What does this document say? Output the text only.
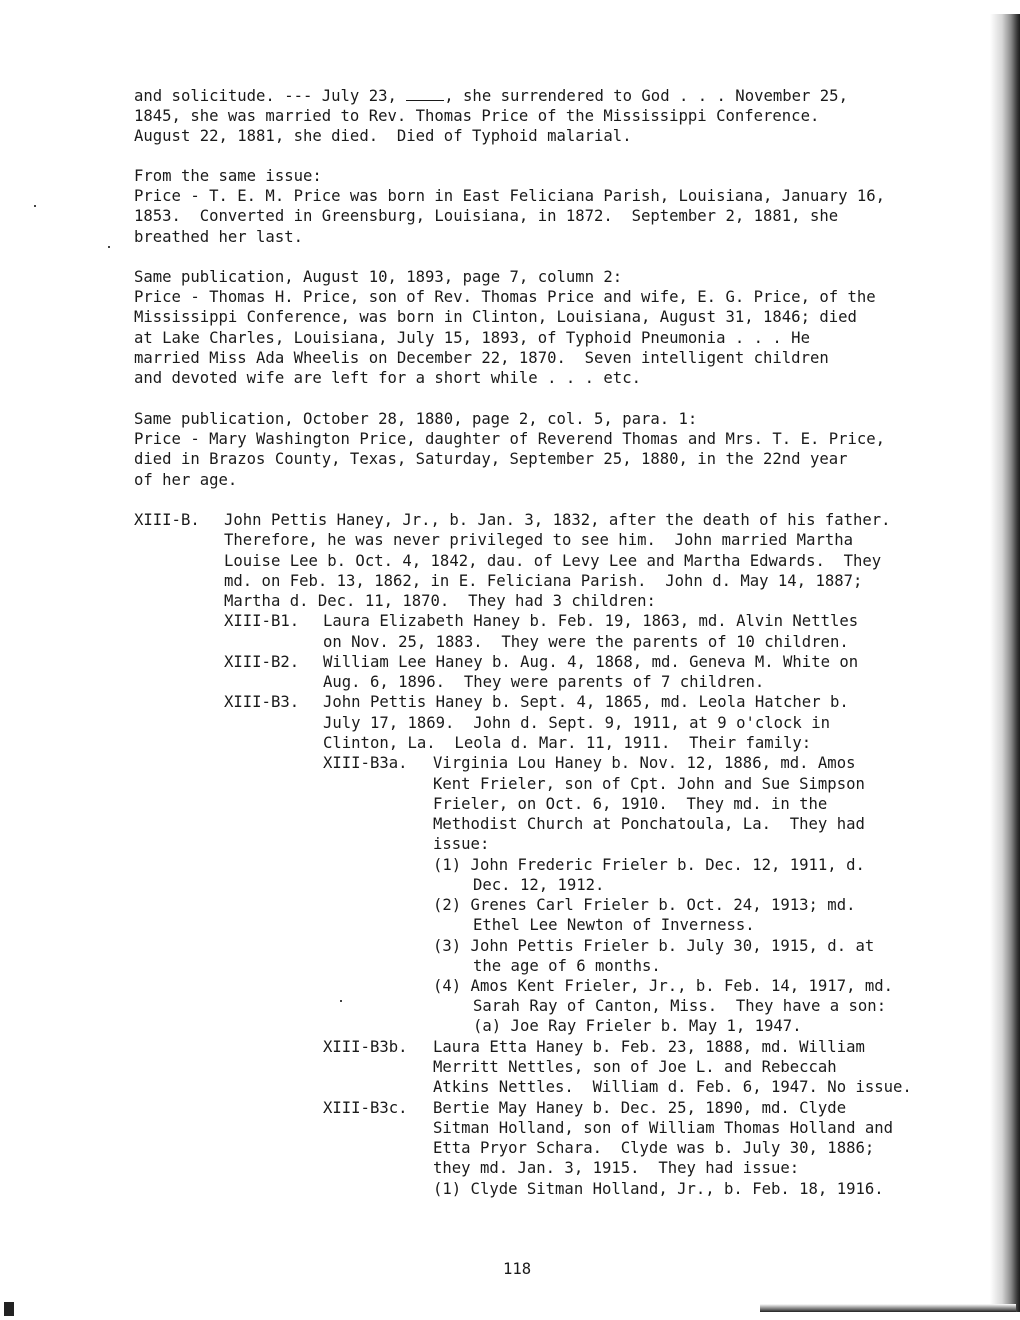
and solicitude. --- July 23, , she surrendered to God . . . November 25,
1845, she was married to Rev. Thomas Price of the Mississippi Conference.
August 22, 1881, she died.  Died of Typhoid malarial.
From the same issue:
Price - T. E. M. Price was born in East Feliciana Parish, Louisiana, January 16,
1853.  Converted in Greensburg, Louisiana, in 1872.  September 2, 1881, she
breathed her last.
Same publication, August 10, 1893, page 7, column 2:
Price - Thomas H. Price, son of Rev. Thomas Price and wife, E. G. Price, of the
Mississippi Conference, was born in Clinton, Louisiana, August 31, 1846; died
at Lake Charles, Louisiana, July 15, 1893, of Typhoid Pneumonia . . . He
married Miss Ada Wheelis on December 22, 1870.  Seven intelligent children
and devoted wife are left for a short while . . . etc.
Same publication, October 28, 1880, page 2, col. 5, para. 1:
Price - Mary Washington Price, daughter of Reverend Thomas and Mrs. T. E. Price,
died in Brazos County, Texas, Saturday, September 25, 1880, in the 22nd year
of her age.
XIII-B. John Pettis Haney, Jr., b. Jan. 3, 1832, after the death of his father.
Therefore, he was never privileged to see him.  John married Martha
Louise Lee b. Oct. 4, 1842, dau. of Levy Lee and Martha Edwards.  They
md. on Feb. 13, 1862, in E. Feliciana Parish.  John d. May 14, 1887;
Martha d. Dec. 11, 1870.  They had 3 children:
XIII-B1. Laura Elizabeth Haney b. Feb. 19, 1863, md. Alvin Nettles
on Nov. 25, 1883.  They were the parents of 10 children.
XIII-B2. William Lee Haney b. Aug. 4, 1868, md. Geneva M. White on
Aug. 6, 1896.  They were parents of 7 children.
XIII-B3. John Pettis Haney b. Sept. 4, 1865, md. Leola Hatcher b.
July 17, 1869.  John d. Sept. 9, 1911, at 9 o'clock in
Clinton, La.  Leola d. Mar. 11, 1911.  Their family:
XIII-B3a. Virginia Lou Haney b. Nov. 12, 1886, md. Amos
Kent Frieler, son of Cpt. John and Sue Simpson
Frieler, on Oct. 6, 1910.  They md. in the
Methodist Church at Ponchatoula, La.  They had
issue:
(1) John Frederic Frieler b. Dec. 12, 1911, d.
Dec. 12, 1912.
(2) Grenes Carl Frieler b. Oct. 24, 1913; md.
Ethel Lee Newton of Inverness.
(3) John Pettis Frieler b. July 30, 1915, d. at
the age of 6 months.
(4) Amos Kent Frieler, Jr., b. Feb. 14, 1917, md.
Sarah Ray of Canton, Miss.  They have a son:
(a) Joe Ray Frieler b. May 1, 1947.
XIII-B3b. Laura Etta Haney b. Feb. 23, 1888, md. William
Merritt Nettles, son of Joe L. and Rebeccah
Atkins Nettles.  William d. Feb. 6, 1947. No issue.
XIII-B3c. Bertie May Haney b. Dec. 25, 1890, md. Clyde
Sitman Holland, son of William Thomas Holland and
Etta Pryor Schara.  Clyde was b. July 30, 1886;
they md. Jan. 3, 1915.  They had issue:
(1) Clyde Sitman Holland, Jr., b. Feb. 18, 1916.
118
